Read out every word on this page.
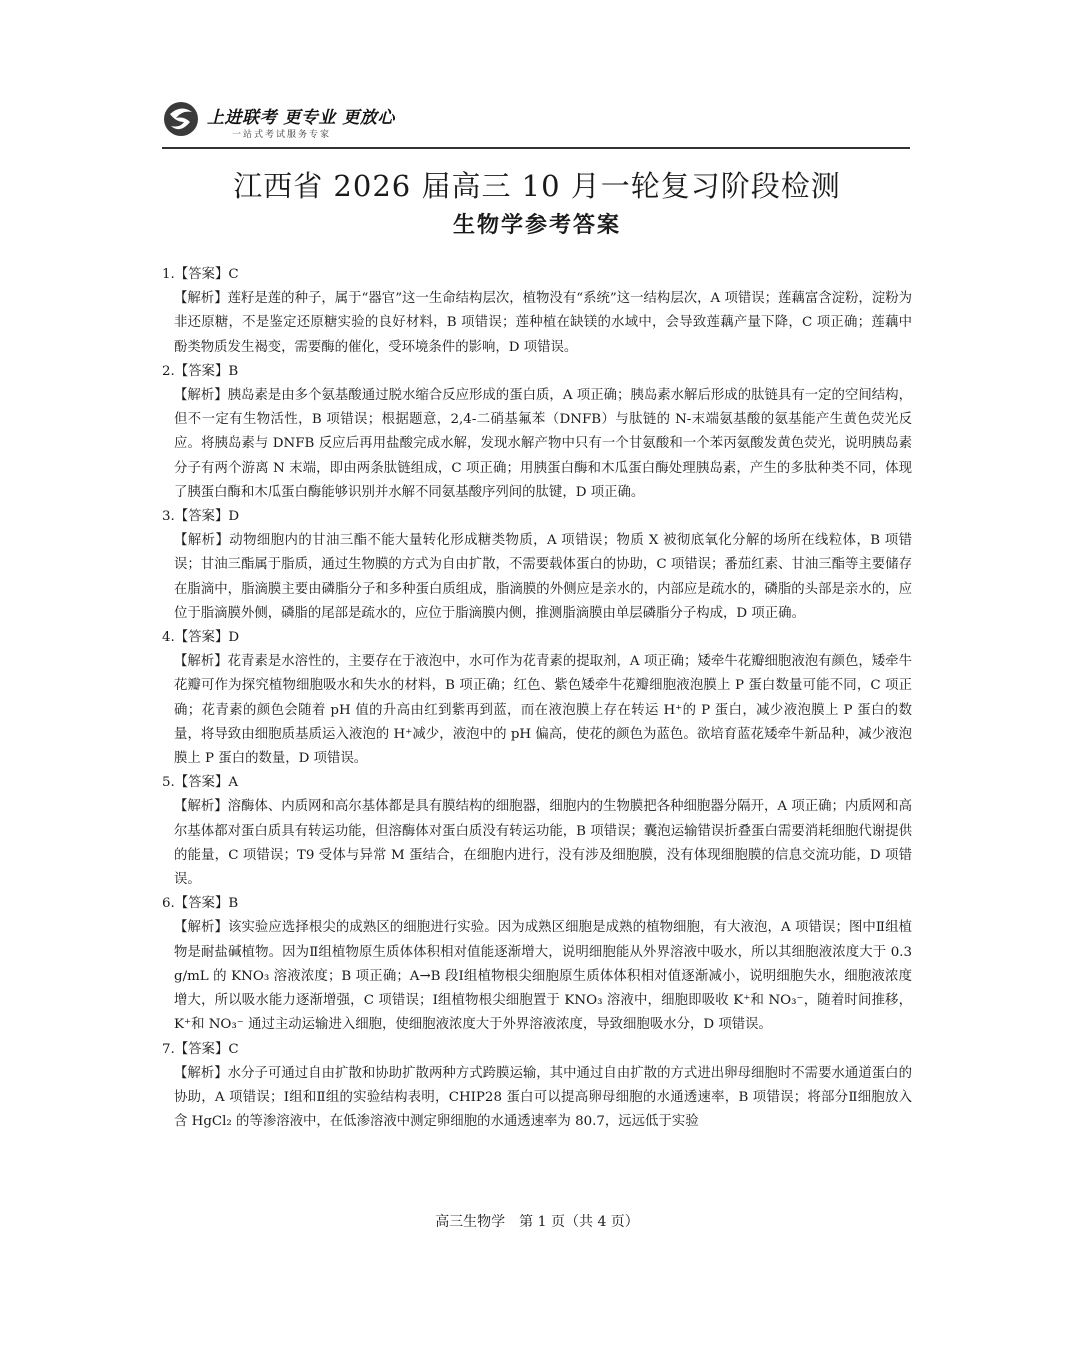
上进联考 更专业 更放心
一站式考试服务专家
江西省 2026 届高三 10 月一轮复习阶段检测
生物学参考答案

1.【答案】C

【解析】莲籽是莲的种子，属于“器官”这一生命结构层次，植物没有“系统”这一结构层次，A 项错误；莲藕富含淀粉，淀粉为非还原糖，不是鉴定还原糖实验的良好材料，B 项错误；莲种植在缺镁的水域中，会导致莲藕产量下降，C 项正确；莲藕中酚类物质发生褐变，需要酶的催化，受环境条件的影响，D 项错误。

2.【答案】B

【解析】胰岛素是由多个氨基酸通过脱水缩合反应形成的蛋白质，A 项正确；胰岛素水解后形成的肽链具有一定的空间结构，但不一定有生物活性，B 项错误；根据题意，2,4-二硝基氟苯（DNFB）与肽链的 N-末端氨基酸的氨基能产生黄色荧光反应。将胰岛素与 DNFB 反应后再用盐酸完成水解，发现水解产物中只有一个甘氨酸和一个苯丙氨酸发黄色荧光，说明胰岛素分子有两个游离 N 末端，即由两条肽链组成，C 项正确；用胰蛋白酶和木瓜蛋白酶处理胰岛素，产生的多肽种类不同，体现了胰蛋白酶和木瓜蛋白酶能够识别并水解不同氨基酸序列间的肽键，D 项正确。

3.【答案】D

【解析】动物细胞内的甘油三酯不能大量转化形成糖类物质，A 项错误；物质 X 被彻底氧化分解的场所在线粒体，B 项错误；甘油三酯属于脂质，通过生物膜的方式为自由扩散，不需要载体蛋白的协助，C 项错误；番茄红素、甘油三酯等主要储存在脂滴中，脂滴膜主要由磷脂分子和多种蛋白质组成，脂滴膜的外侧应是亲水的，内部应是疏水的，磷脂的头部是亲水的，应位于脂滴膜外侧，磷脂的尾部是疏水的，应位于脂滴膜内侧，推测脂滴膜由单层磷脂分子构成，D 项正确。

4.【答案】D

【解析】花青素是水溶性的，主要存在于液泡中，水可作为花青素的提取剂，A 项正确；矮牵牛花瓣细胞液泡有颜色，矮牵牛花瓣可作为探究植物细胞吸水和失水的材料，B 项正确；红色、紫色矮牵牛花瓣细胞液泡膜上 P 蛋白数量可能不同，C 项正确；花青素的颜色会随着 pH 值的升高由红到紫再到蓝，而在液泡膜上存在转运 H⁺的 P 蛋白，减少液泡膜上 P 蛋白的数量，将导致由细胞质基质运入液泡的 H⁺减少，液泡中的 pH 偏高，使花的颜色为蓝色。欲培育蓝花矮牵牛新品种，减少液泡膜上 P 蛋白的数量，D 项错误。

5.【答案】A

【解析】溶酶体、内质网和高尔基体都是具有膜结构的细胞器，细胞内的生物膜把各种细胞器分隔开，A 项正确；内质网和高尔基体都对蛋白质具有转运功能，但溶酶体对蛋白质没有转运功能，B 项错误；囊泡运输错误折叠蛋白需要消耗细胞代谢提供的能量，C 项错误；T9 受体与异常 M 蛋结合，在细胞内进行，没有涉及细胞膜，没有体现细胞膜的信息交流功能，D 项错误。

6.【答案】B

【解析】该实验应选择根尖的成熟区的细胞进行实验。因为成熟区细胞是成熟的植物细胞，有大液泡，A 项错误；图中Ⅱ组植物是耐盐碱植物。因为Ⅱ组植物原生质体体积相对值能逐渐增大，说明细胞能从外界溶液中吸水，所以其细胞液浓度大于 0.3 g/mL 的 KNO₃ 溶液浓度；B 项正确；A→B 段Ⅰ组植物根尖细胞原生质体体积相对值逐渐减小，说明细胞失水，细胞液浓度增大，所以吸水能力逐渐增强，C 项错误；Ⅰ组植物根尖细胞置于 KNO₃ 溶液中，细胞即吸收 K⁺和 NO₃⁻，随着时间推移，K⁺和 NO₃⁻ 通过主动运输进入细胞，使细胞液浓度大于外界溶液浓度，导致细胞吸水分，D 项错误。

7.【答案】C

【解析】水分子可通过自由扩散和协助扩散两种方式跨膜运输，其中通过自由扩散的方式进出卵母细胞时不需要水通道蛋白的协助，A 项错误；Ⅰ组和Ⅱ组的实验结构表明，CHIP28 蛋白可以提高卵母细胞的水通透速率，B 项错误；将部分Ⅱ细胞放入含 HgCl₂ 的等渗溶液中，在低渗溶液中测定卵细胞的水通透速率为 80.7，远远低于实验

高三生物学　第 1 页（共 4 页）
